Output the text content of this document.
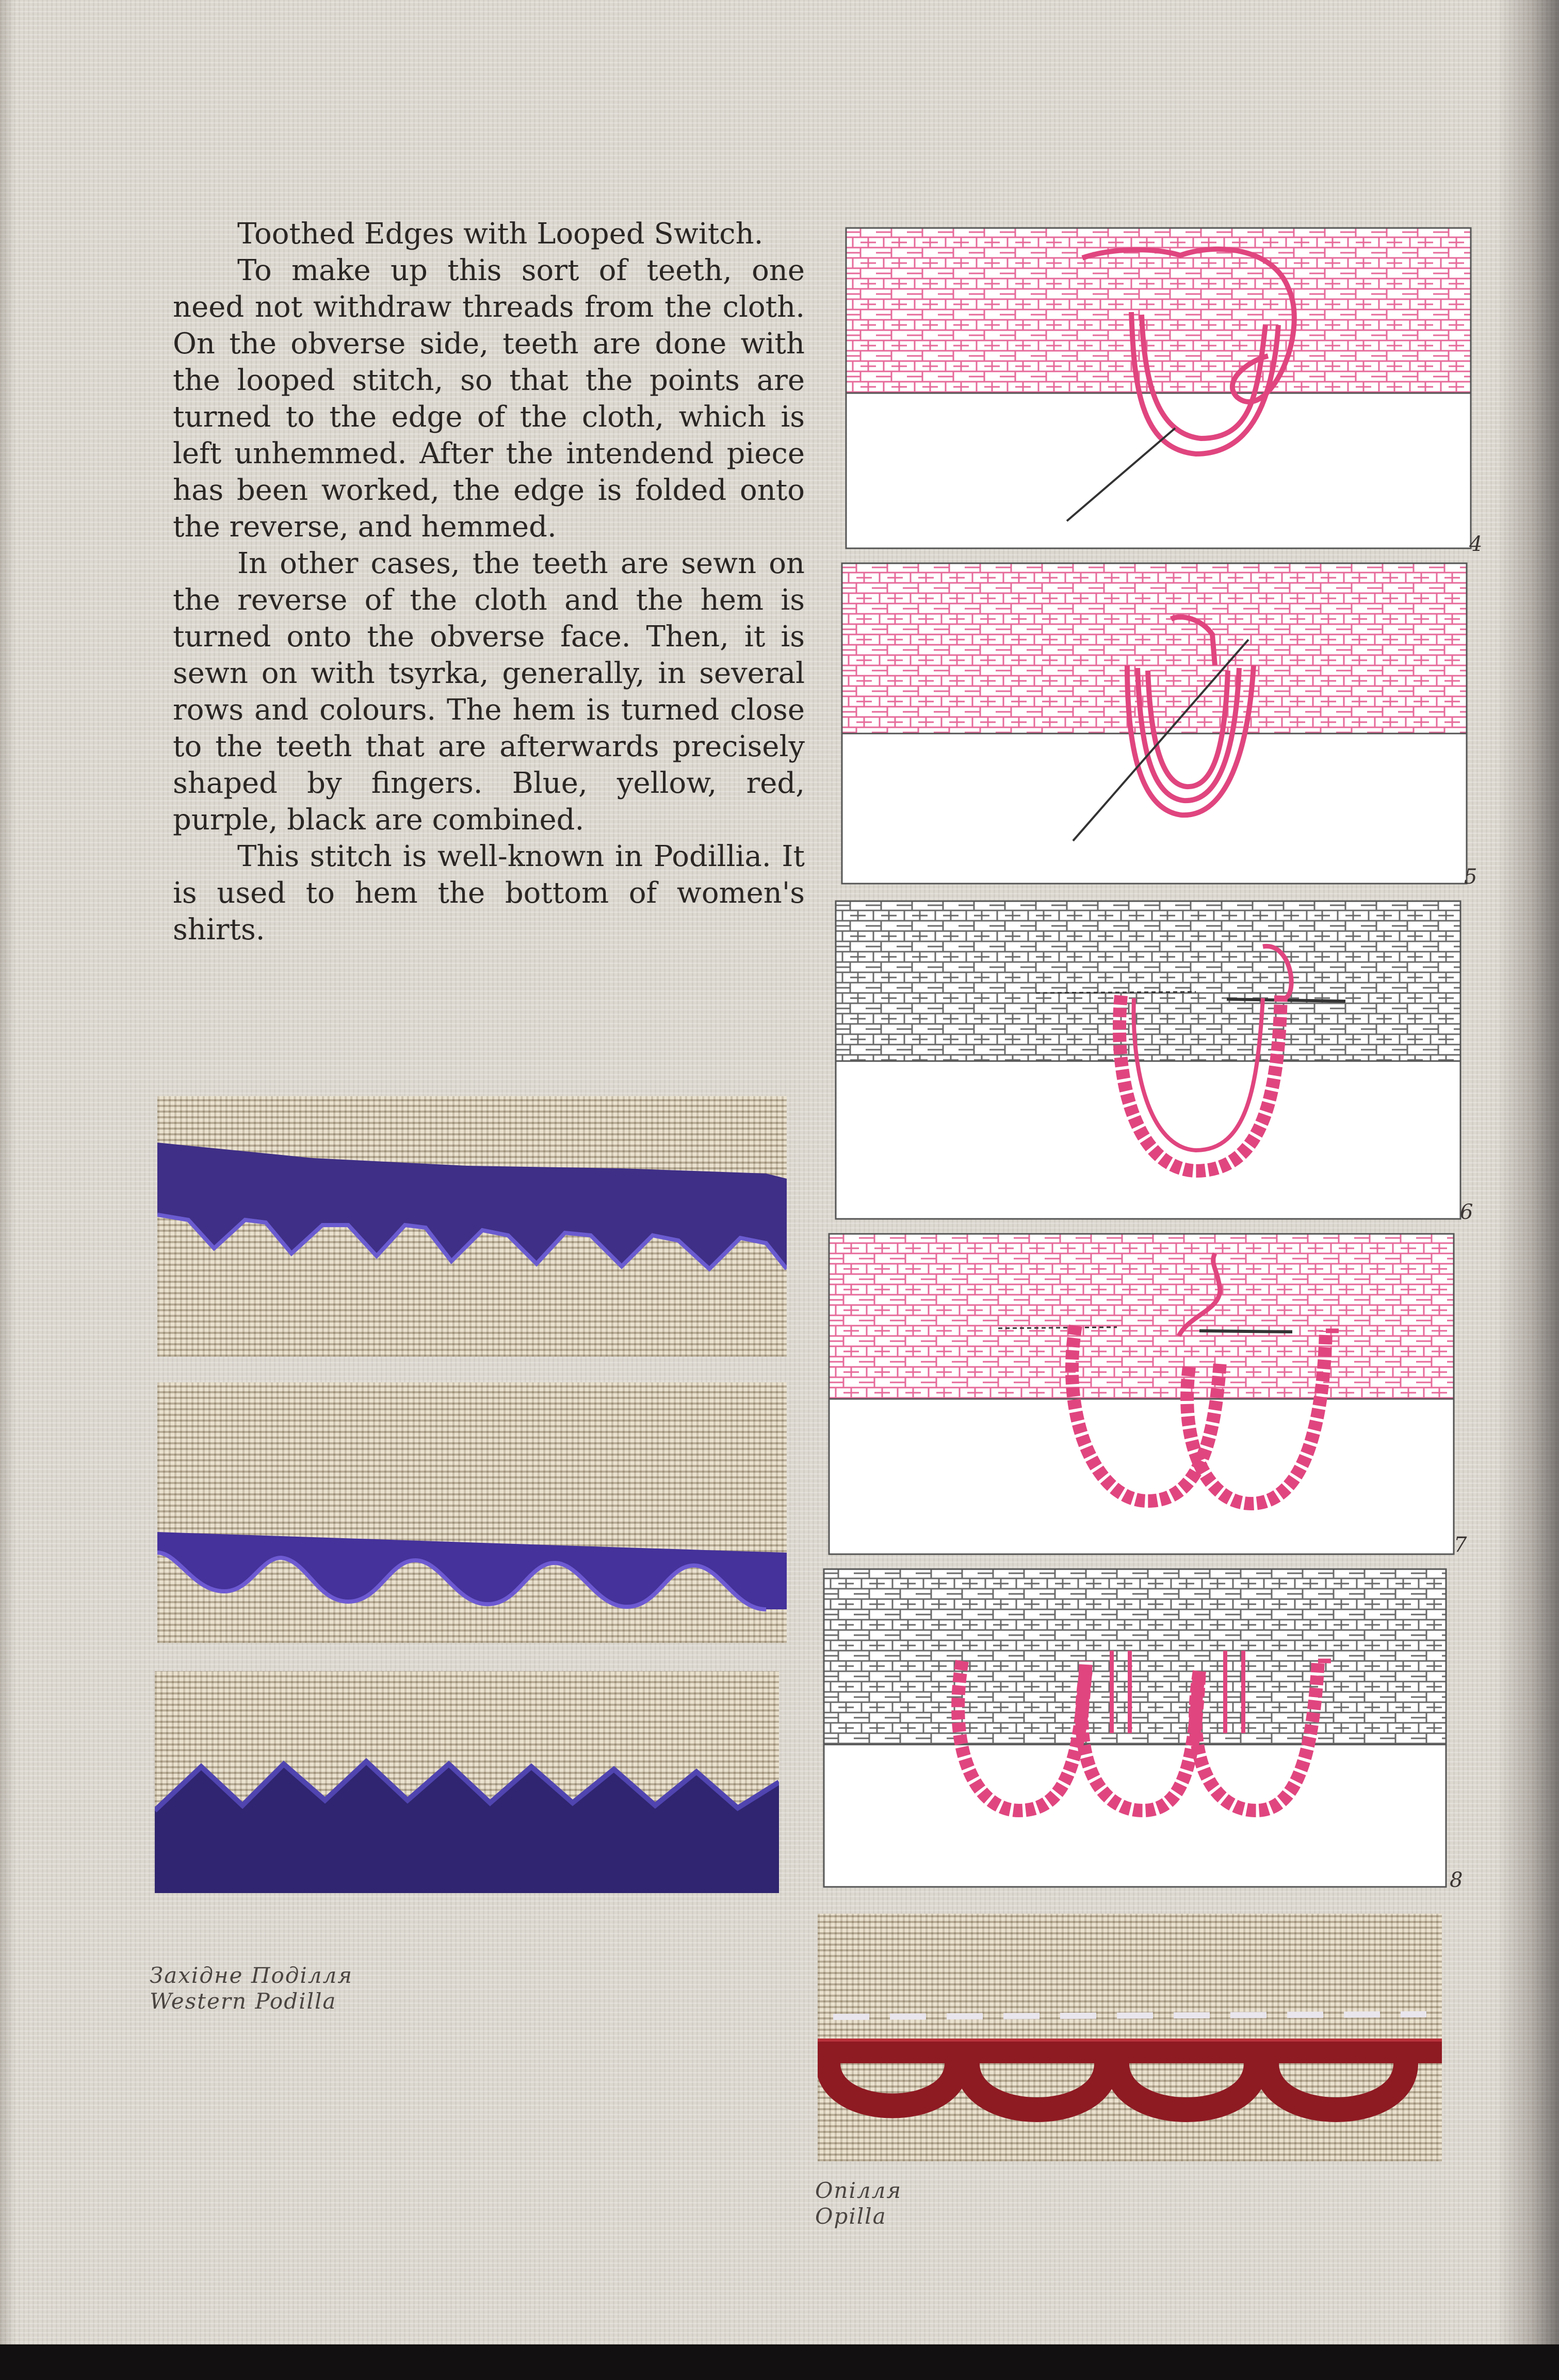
Toothed Edges with Looped Switch.

To make up this sort of teeth, one need not withdraw threads from the cloth. On the obverse side, teeth are done with the looped stitch, so that the points are turned to the edge of the cloth, which is left unhemmed. After the intendend piece has been worked, the edge is folded onto the reverse, and hemmed.

In other cases, the teeth are sewn on the reverse of the cloth and the hem is turned onto the obverse face. Then, it is sewn on with tsyrka, generally, in several rows and colours. The hem is turned close to the teeth that are afterwards precisely shaped by fingers. Blue, yellow, red, purple, black are combined.

This stitch is well-known in Podillia. It is used to hem the bottom of women's shirts.

Західне Поділля
Western Podilla
Опілля
Opilla
4
5
6
7
8
